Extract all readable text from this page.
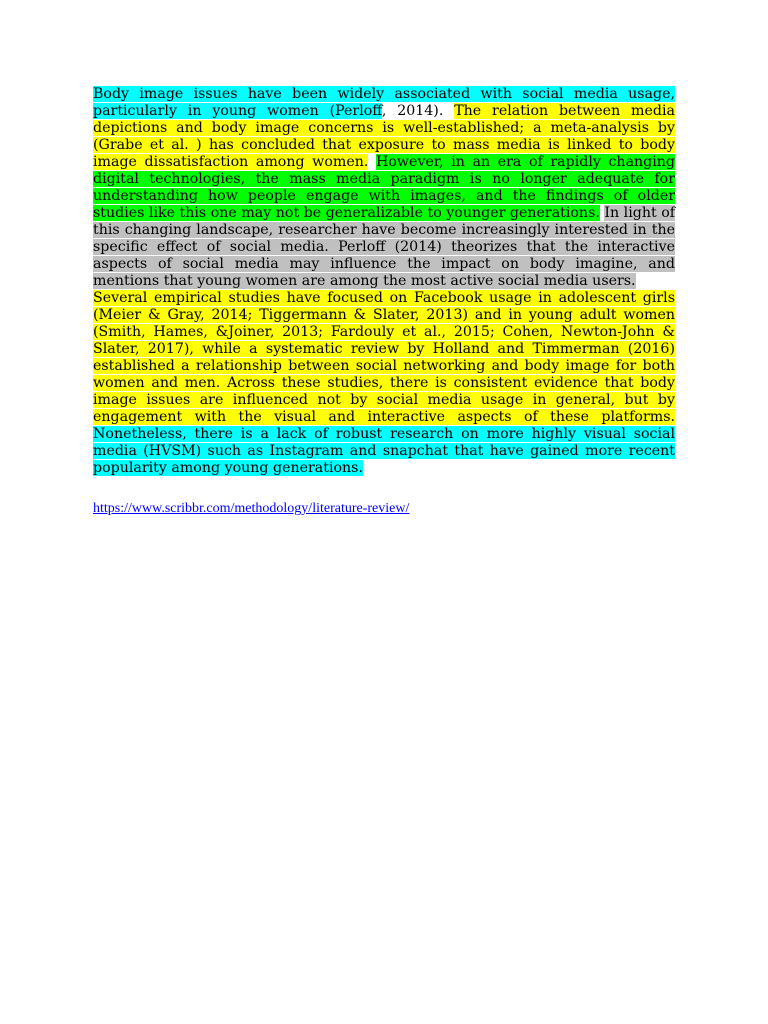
Body image issues have been widely associated with social media usage, particularly in young women (Perloff, 2014). The relation between media depictions and body image concerns is well-established; a meta-analysis by (Grabe et al. ) has concluded that exposure to mass media is linked to body image dissatisfaction among women. However, in an era of rapidly changing digital technologies, the mass media paradigm is no longer adequate for understanding how people engage with images, and the findings of older studies like this one may not be generalizable to younger generations. In light of this changing landscape, researcher have become increasingly interested in the specific effect of social media. Perloff (2014) theorizes that the interactive aspects of social media may influence the impact on body imagine, and mentions that young women are among the most active social media users.

Several empirical studies have focused on Facebook usage in adolescent girls (Meier & Gray, 2014; Tiggermann & Slater, 2013) and in young adult women (Smith, Hames, &Joiner, 2013; Fardouly et al., 2015; Cohen, Newton-John & Slater, 2017), while a systematic review by Holland and Timmerman (2016) established a relationship between social networking and body image for both women and men. Across these studies, there is consistent evidence that body image issues are influenced not by social media usage in general, but by engagement with the visual and interactive aspects of these platforms. Nonetheless, there is a lack of robust research on more highly visual social media (HVSM) such as Instagram and snapchat that have gained more recent popularity among young generations.

https://www.scribbr.com/methodology/literature-review/
